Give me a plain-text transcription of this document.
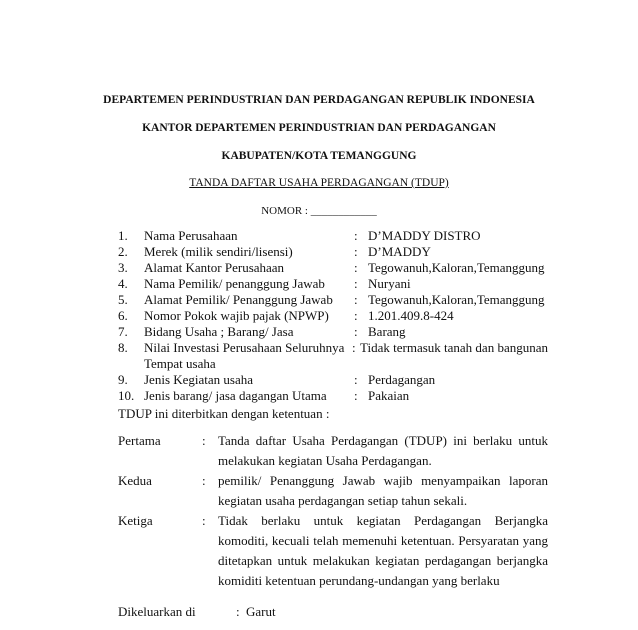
DEPARTEMEN PERINDUSTRIAN DAN PERDAGANGAN REPUBLIK INDONESIA
KANTOR DEPARTEMEN PERINDUSTRIAN DAN PERDAGANGAN
KABUPATEN/KOTA TEMANGGUNG
TANDA DAFTAR USAHA PERDAGANGAN (TDUP)
NOMOR : ____________
1. Nama Perusahaan	: D’MADDY DISTRO
2. Merek (milik sendiri/lisensi)	: D’MADDY
3. Alamat Kantor Perusahaan	: Tegowanuh,Kaloran,Temanggung
4. Nama Pemilik/ penanggung Jawab : Nuryani
5. Alamat Pemilik/ Penanggung Jawab : Tegowanuh,Kaloran,Temanggung
6. Nomor Pokok wajib pajak (NPWP) : 1.201.409.8-424
7. Bidang Usaha ; Barang/ Jasa	: Barang
8. Nilai Investasi Perusahaan Seluruhnya : Tidak termasuk tanah dan bangunan
Tempat usaha
9. Jenis Kegiatan usaha	: Perdagangan
10. Jenis barang/ jasa dagangan Utama : Pakaian
TDUP ini diterbitkan dengan ketentuan :
Pertama	: Tanda daftar Usaha Perdagangan (TDUP) ini berlaku untuk melakukan kegiatan Usaha Perdagangan.
Kedua	: pemilik/ Penanggung Jawab wajib menyampaikan laporan kegiatan usaha perdagangan setiap tahun sekali.
Ketiga	: Tidak berlaku untuk kegiatan Perdagangan Berjangka komoditi, kecuali telah memenuhi ketentuan. Persyaratan yang ditetapkan untuk melakukan kegiatan perdagangan berjangka komiditi ketentuan perundang-undangan yang berlaku
Dikeluarkan di	: Garut
